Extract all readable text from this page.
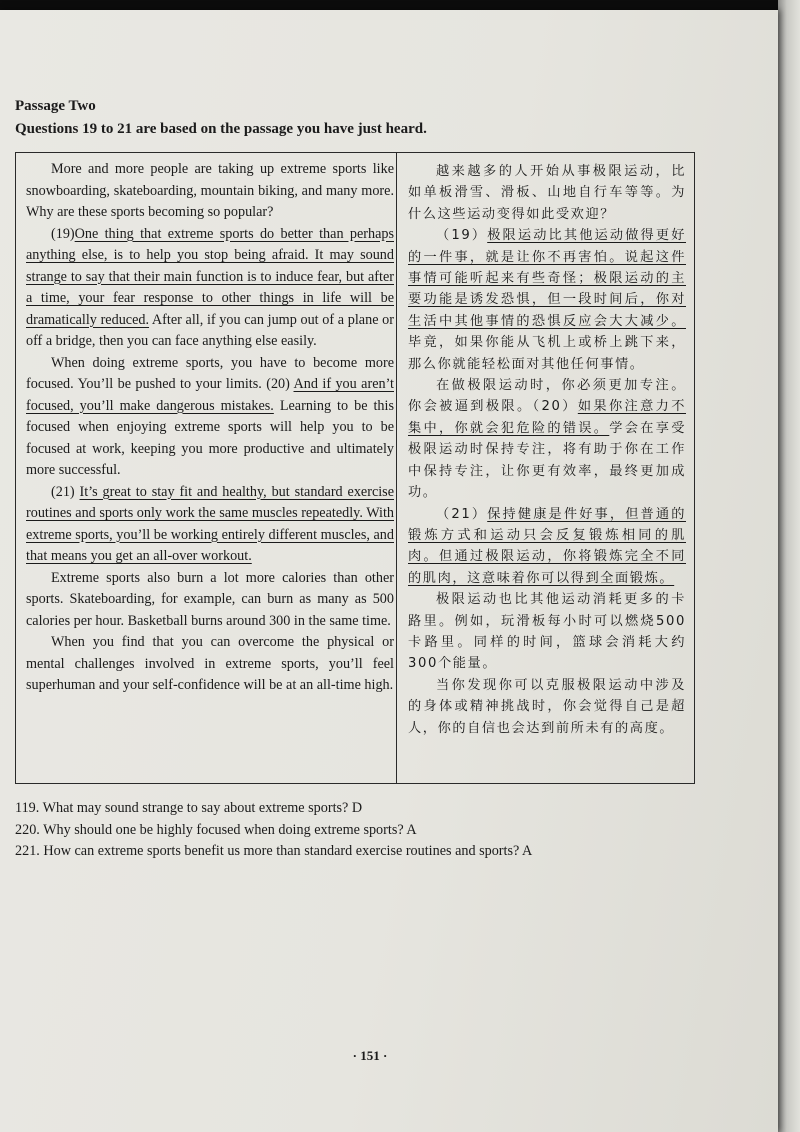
Passage Two
Questions 19 to 21 are based on the passage you have just heard.

More and more people are taking up extreme sports like snowboarding, skateboarding, mountain biking, and many more. Why are these sports becoming so popular?

(19)One thing that extreme sports do better than perhaps anything else, is to help you stop being afraid. It may sound strange to say that their main function is to induce fear, but after a time, your fear response to other things in life will be dramatically reduced. After all, if you can jump out of a plane or off a bridge, then you can face anything else easily.

When doing extreme sports, you have to become more focused. You’ll be pushed to your limits. (20) And if you aren’t focused, you’ll make dangerous mistakes. Learning to be this focused when enjoying extreme sports will help you to be focused at work, keeping you more productive and ultimately more successful.

(21) It’s great to stay fit and healthy, but standard exercise routines and sports only work the same muscles repeatedly. With extreme sports, you’ll be working entirely different muscles, and that means you get an all-over workout.

Extreme sports also burn a lot more calories than other sports. Skateboarding, for example, can burn as many as 500 calories per hour. Basketball burns around 300 in the same time.

When you find that you can overcome the physical or mental challenges involved in extreme sports, you’ll feel superhuman and your self-confidence will be at an all-time high.

越来越多的人开始从事极限运动，比如单板滑雪、滑板、山地自行车等等。为什么这些运动变得如此受欢迎？

（19）极限运动比其他运动做得更好的一件事，就是让你不再害怕。说起这件事情可能听起来有些奇怪；极限运动的主要功能是诱发恐惧，但一段时间后，你对生活中其他事情的恐惧反应会大大减少。毕竟，如果你能从飞机上或桥上跳下来，那么你就能轻松面对其他任何事情。

在做极限运动时，你必须更加专注。你会被逼到极限。（20）如果你注意力不集中，你就会犯危险的错误。学会在享受极限运动时保持专注，将有助于你在工作中保持专注，让你更有效率，最终更加成功。

（21）保持健康是件好事，但普通的锻炼方式和运动只会反复锻炼相同的肌肉。但通过极限运动，你将锻炼完全不同的肌肉，这意味着你可以得到全面锻炼。

极限运动也比其他运动消耗更多的卡路里。例如，玩滑板每小时可以燃烧500卡路里。同样的时间，篮球会消耗大约300个能量。

当你发现你可以克服极限运动中涉及的身体或精神挑战时，你会觉得自己是超人，你的自信也会达到前所未有的高度。

119. What may sound strange to say about extreme sports? D
220. Why should one be highly focused when doing extreme sports? A
221. How can extreme sports benefit us more than standard exercise routines and sports? A
· 151 ·
